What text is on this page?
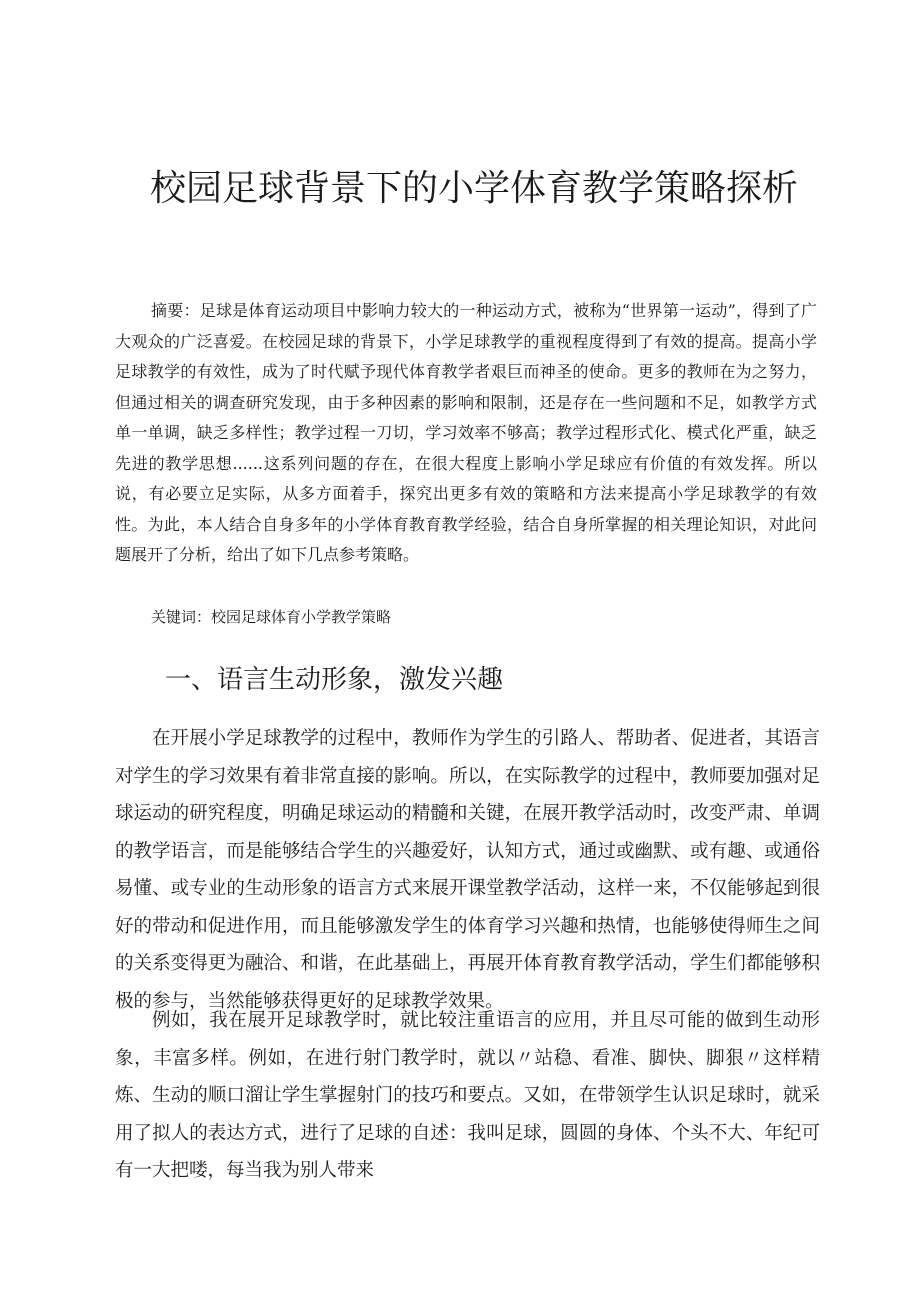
校园足球背景下的小学体育教学策略探析

摘要：足球是体育运动项目中影响力较大的一种运动方式，被称为“世界第一运动”，得到了广大观众的广泛喜爱。在校园足球的背景下，小学足球教学的重视程度得到了有效的提高。提高小学足球教学的有效性，成为了时代赋予现代体育教学者艰巨而神圣的使命。更多的教师在为之努力，但通过相关的调查研究发现，由于多种因素的影响和限制，还是存在一些问题和不足，如教学方式单一单调，缺乏多样性；教学过程一刀切，学习效率不够高；教学过程形式化、模式化严重，缺乏先进的教学思想......这系列问题的存在，在很大程度上影响小学足球应有价值的有效发挥。所以说，有必要立足实际，从多方面着手，探究出更多有效的策略和方法来提高小学足球教学的有效性。为此，本人结合自身多年的小学体育教育教学经验，结合自身所掌握的相关理论知识，对此问题展开了分析，给出了如下几点参考策略。

关键词：校园足球体育小学教学策略

一、语言生动形象，激发兴趣

在开展小学足球教学的过程中，教师作为学生的引路人、帮助者、促进者，其语言对学生的学习效果有着非常直接的影响。所以，在实际教学的过程中，教师要加强对足球运动的研究程度，明确足球运动的精髓和关键，在展开教学活动时，改变严肃、单调的教学语言，而是能够结合学生的兴趣爱好，认知方式，通过或幽默、或有趣、或通俗易懂、或专业的生动形象的语言方式来展开课堂教学活动，这样一来，不仅能够起到很好的带动和促进作用，而且能够激发学生的体育学习兴趣和热情，也能够使得师生之间的关系变得更为融洽、和谐，在此基础上，再展开体育教育教学活动，学生们都能够积极的参与，当然能够获得更好的足球教学效果。

例如，我在展开足球教学时，就比较注重语言的应用，并且尽可能的做到生动形象，丰富多样。例如，在进行射门教学时，就以〃站稳、看准、脚快、脚狠〃这样精炼、生动的顺口溜让学生掌握射门的技巧和要点。又如，在带领学生认识足球时，就采用了拟人的表达方式，进行了足球的自述：我叫足球，圆圆的身体、个头不大、年纪可有一大把喽，每当我为别人带来
